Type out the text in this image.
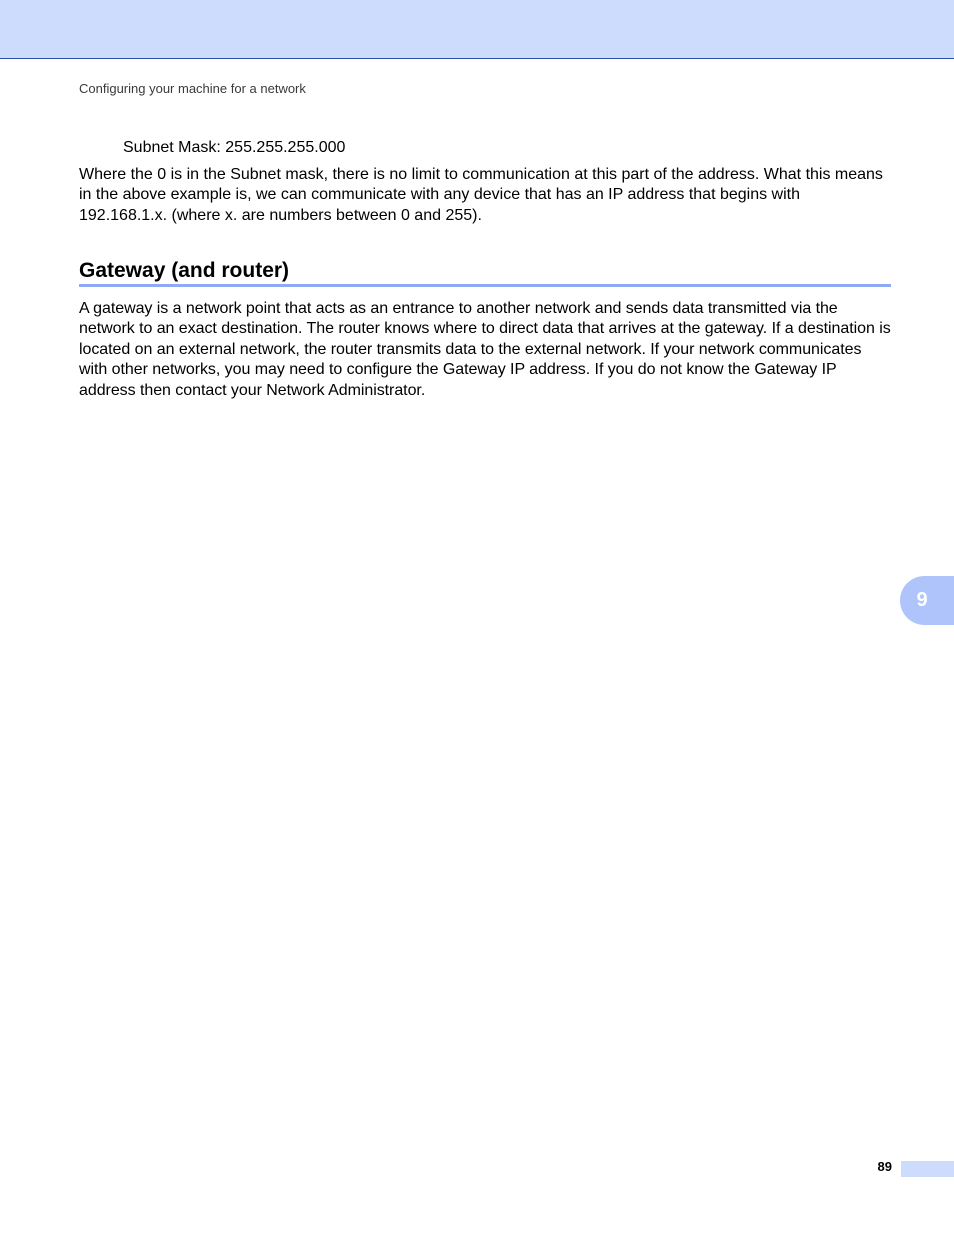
Configuring your machine for a network
Subnet Mask: 255.255.255.000

Where the 0 is in the Subnet mask, there is no limit to communication at this part of the address. What this means in the above example is, we can communicate with any device that has an IP address that begins with 192.168.1.x. (where x. are numbers between 0 and 255).

Gateway (and router)

A gateway is a network point that acts as an entrance to another network and sends data transmitted via the network to an exact destination. The router knows where to direct data that arrives at the gateway. If a destination is located on an external network, the router transmits data to the external network. If your network communicates with other networks, you may need to configure the Gateway IP address. If you do not know the Gateway IP address then contact your Network Administrator.

9
89
